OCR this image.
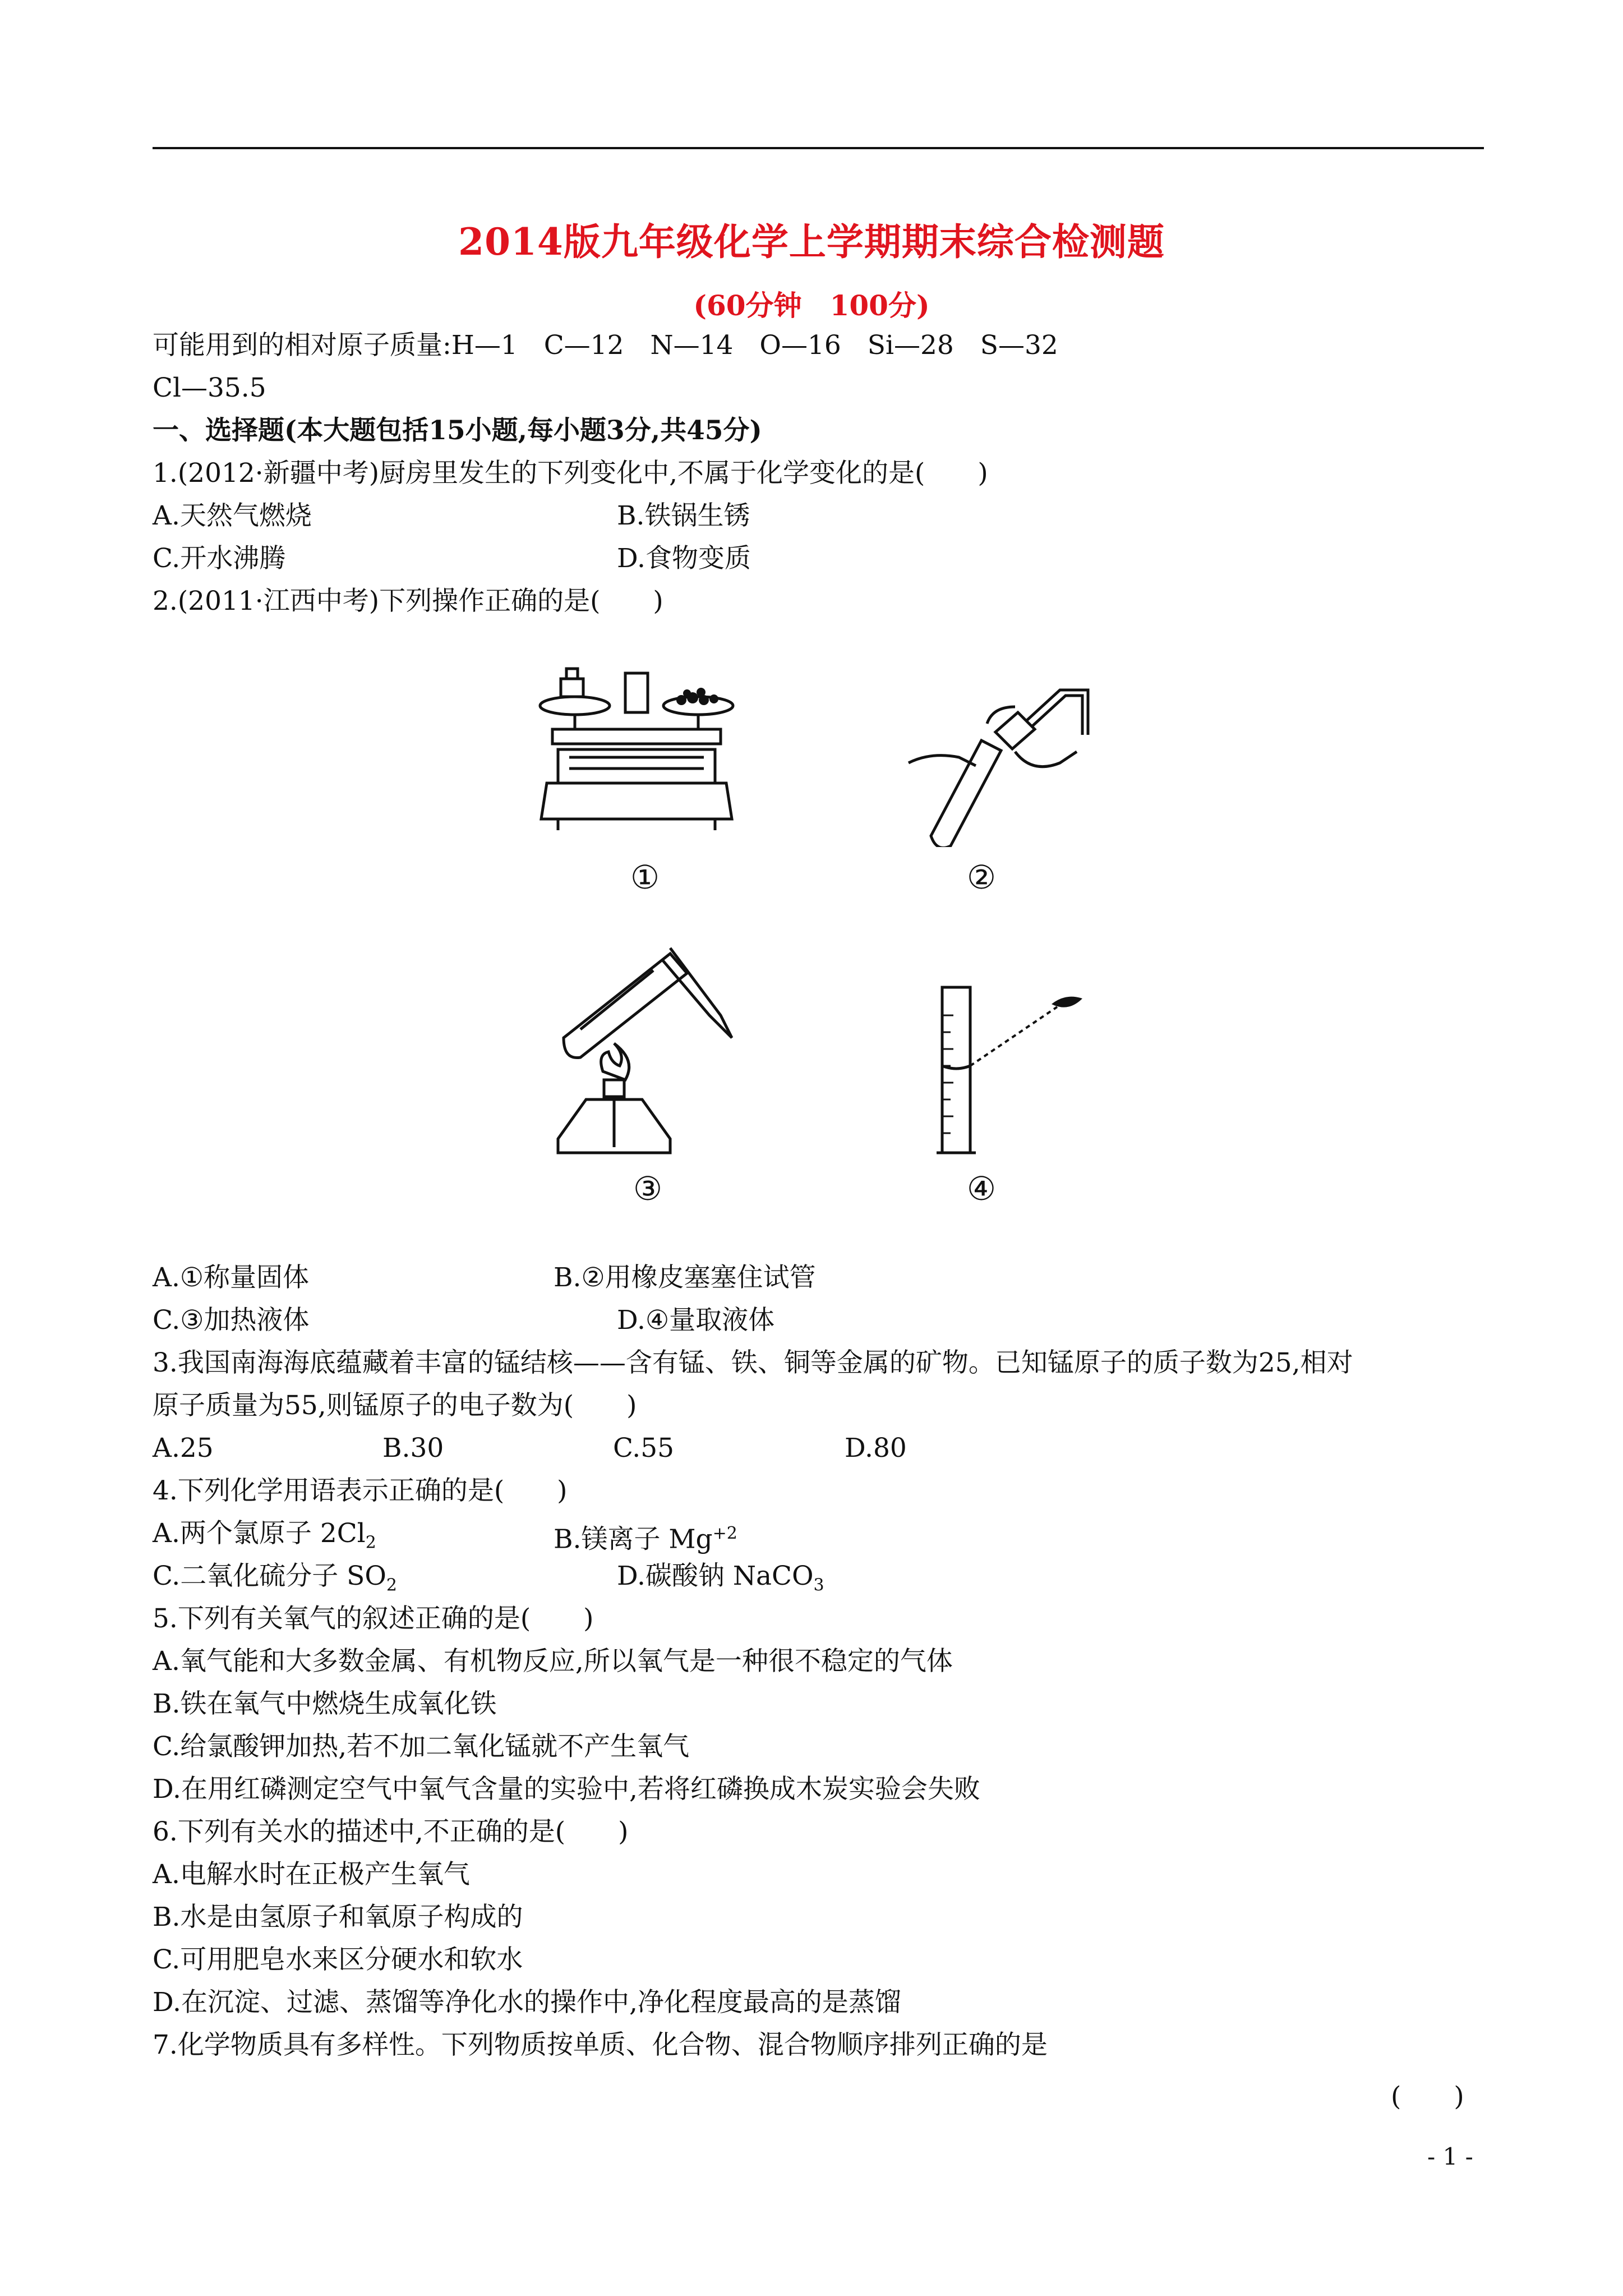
2014版九年级化学上学期期末综合检测题
(60分钟　100分)
可能用到的相对原子质量:H—1　C—12　N—14　O—16　Si—28　S—32
Cl—35.5
一、选择题(本大题包括15小题,每小题3分,共45分)
1.(2012·新疆中考)厨房里发生的下列变化中,不属于化学变化的是(　　)
A.天然气燃烧	B.铁锅生锈
C.开水沸腾	D.食物变质
2.(2011·江西中考)下列操作正确的是(　　)
①	②
③	④
A.①称量固体	B.②用橡皮塞塞住试管
C.③加热液体	D.④量取液体
3.我国南海海底蕴藏着丰富的锰结核——含有锰、铁、铜等金属的矿物。已知锰原子的质子数为25,相对
原子质量为55,则锰原子的电子数为(　　)
A.25	B.30	C.55	D.80
4.下列化学用语表示正确的是(　　)
A.两个氯原子 $2Cl_2$	B.镁离子 $Mg^{+2}$
C.二氧化硫分子 $SO_2$	D.碳酸钠 NaCO$_3$
5.下列有关氧气的叙述正确的是(　　)
A.氧气能和大多数金属、有机物反应,所以氧气是一种很不稳定的气体
B.铁在氧气中燃烧生成氧化铁
C.给氯酸钾加热,若不加二氧化锰就不产生氧气
D.在用红磷测定空气中氧气含量的实验中,若将红磷换成木炭实验会失败
6.下列有关水的描述中,不正确的是(　　)
A.电解水时在正极产生氧气
B.水是由氢原子和氧原子构成的
C.可用肥皂水来区分硬水和软水
D.在沉淀、过滤、蒸馏等净化水的操作中,净化程度最高的是蒸馏
7.化学物质具有多样性。下列物质按单质、化合物、混合物顺序排列正确的是
(　　)
- 1 -
